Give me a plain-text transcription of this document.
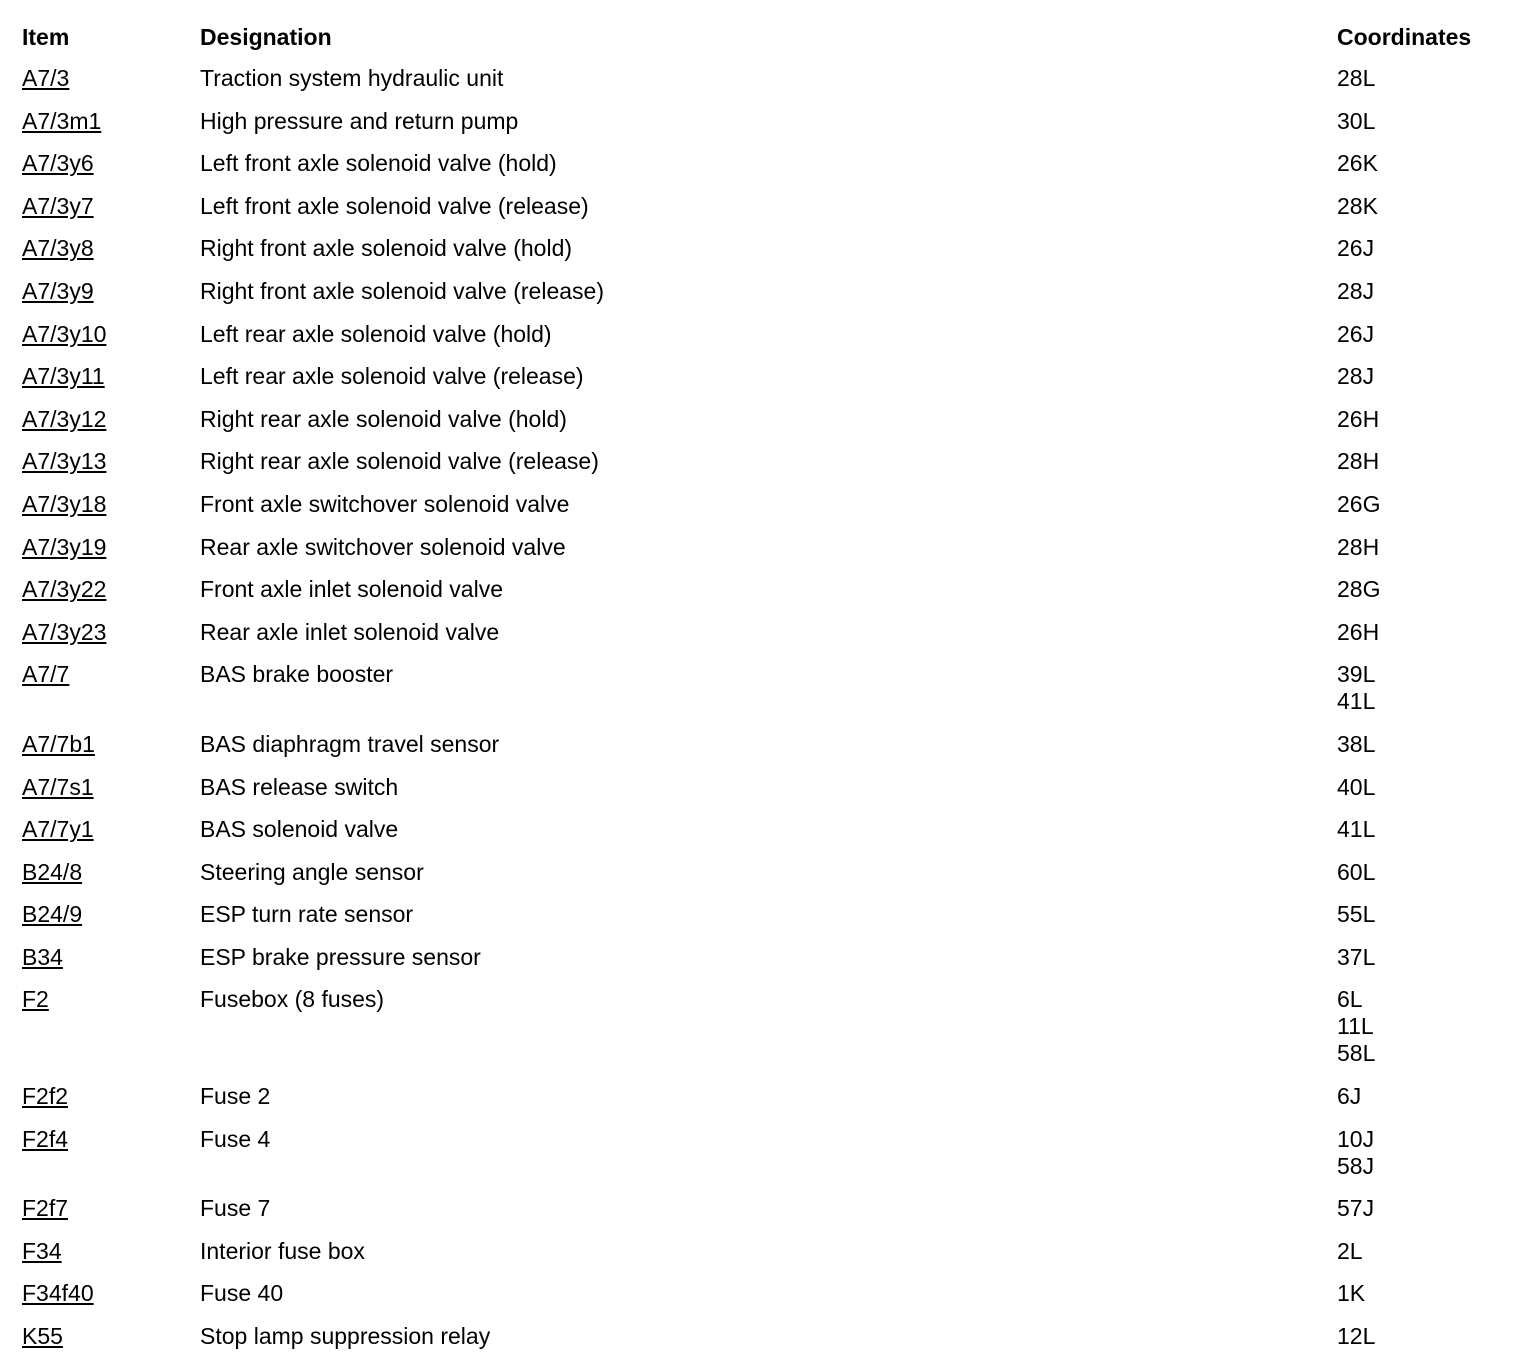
Item	Designation	Coordinates
A7/3	Traction system hydraulic unit	28L
A7/3m1	High pressure and return pump	30L
A7/3y6	Left front axle solenoid valve (hold)	26K
A7/3y7	Left front axle solenoid valve (release)	28K
A7/3y8	Right front axle solenoid valve (hold)	26J
A7/3y9	Right front axle solenoid valve (release)	28J
A7/3y10	Left rear axle solenoid valve (hold)	26J
A7/3y11	Left rear axle solenoid valve (release)	28J
A7/3y12	Right rear axle solenoid valve (hold)	26H
A7/3y13	Right rear axle solenoid valve (release)	28H
A7/3y18	Front axle switchover solenoid valve	26G
A7/3y19	Rear axle switchover solenoid valve	28H
A7/3y22	Front axle inlet solenoid valve	28G
A7/3y23	Rear axle inlet solenoid valve	26H
A7/7	BAS brake booster	39L
41L
A7/7b1	BAS diaphragm travel sensor	38L
A7/7s1	BAS release switch	40L
A7/7y1	BAS solenoid valve	41L
B24/8	Steering angle sensor	60L
B24/9	ESP turn rate sensor	55L
B34	ESP brake pressure sensor	37L
F2	Fusebox (8 fuses)	6L
11L
58L
F2f2	Fuse 2	6J
F2f4	Fuse 4	10J
58J
F2f7	Fuse 7	57J
F34	Interior fuse box	2L
F34f40	Fuse 40	1K
K55	Stop lamp suppression relay	12L
